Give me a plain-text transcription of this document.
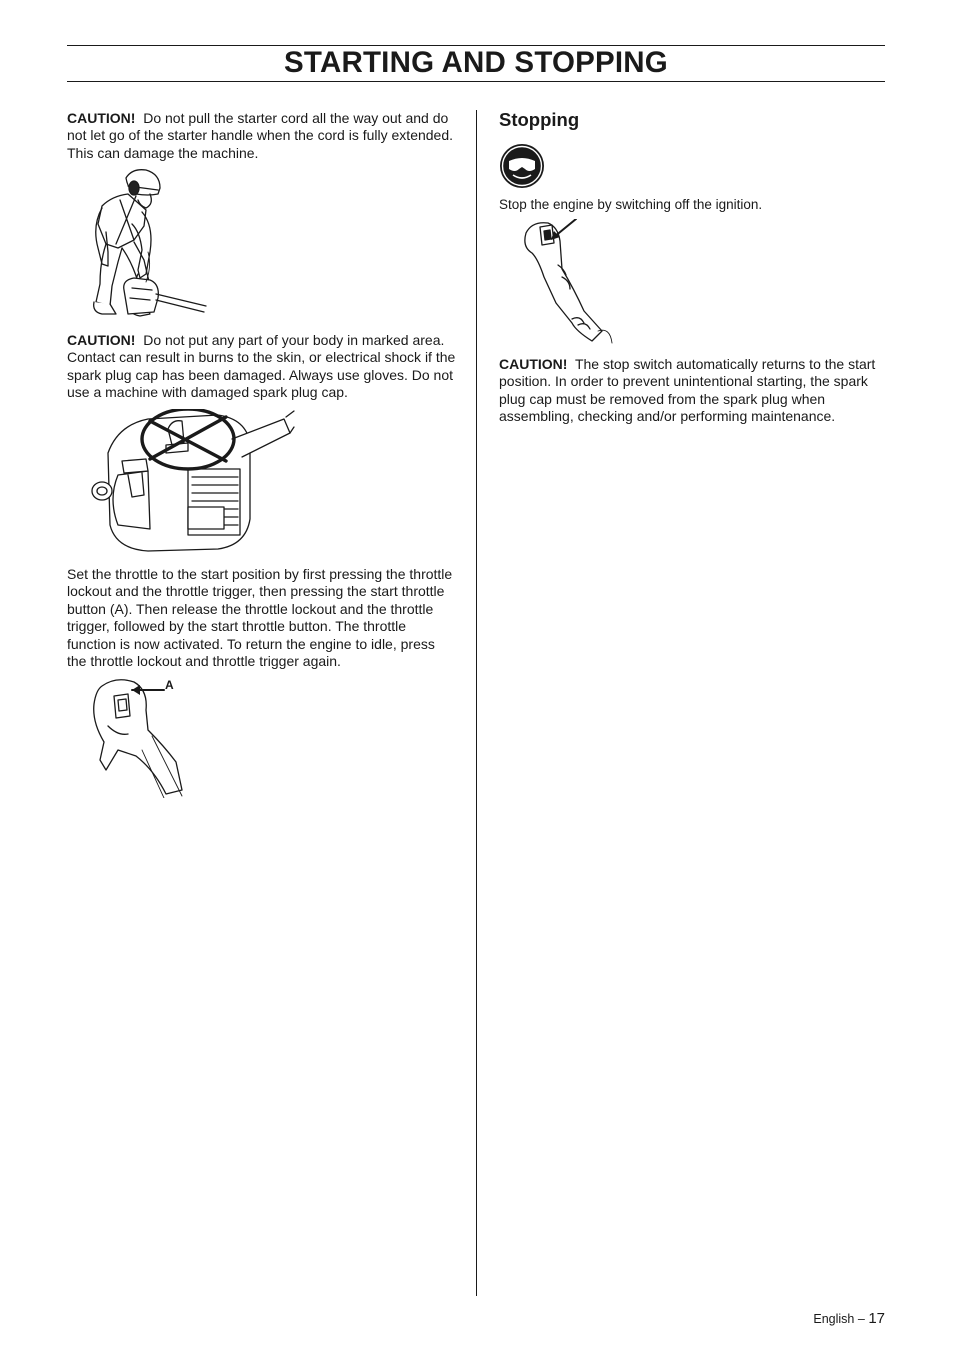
STARTING AND STOPPING

CAUTION! Do not pull the starter cord all the way out and do not let go of the starter handle when the cord is fully extended. This can damage the machine.

CAUTION! Do not put any part of your body in marked area. Contact can result in burns to the skin, or electrical shock if the spark plug cap has been damaged. Always use gloves. Do not use a machine with damaged spark plug cap.

Set the throttle to the start position by first pressing the throttle lockout and the throttle trigger, then pressing the start throttle button (A). Then release the throttle lockout and the throttle trigger, followed by the start throttle button. The throttle function is now activated. To return the engine to idle, press the throttle lockout and throttle trigger again.

A
Stopping

Stop the engine by switching off the ignition.

CAUTION! The stop switch automatically returns to the start position. In order to prevent unintentional starting, the spark plug cap must be removed from the spark plug when assembling, checking and/or performing maintenance.

English – 17
